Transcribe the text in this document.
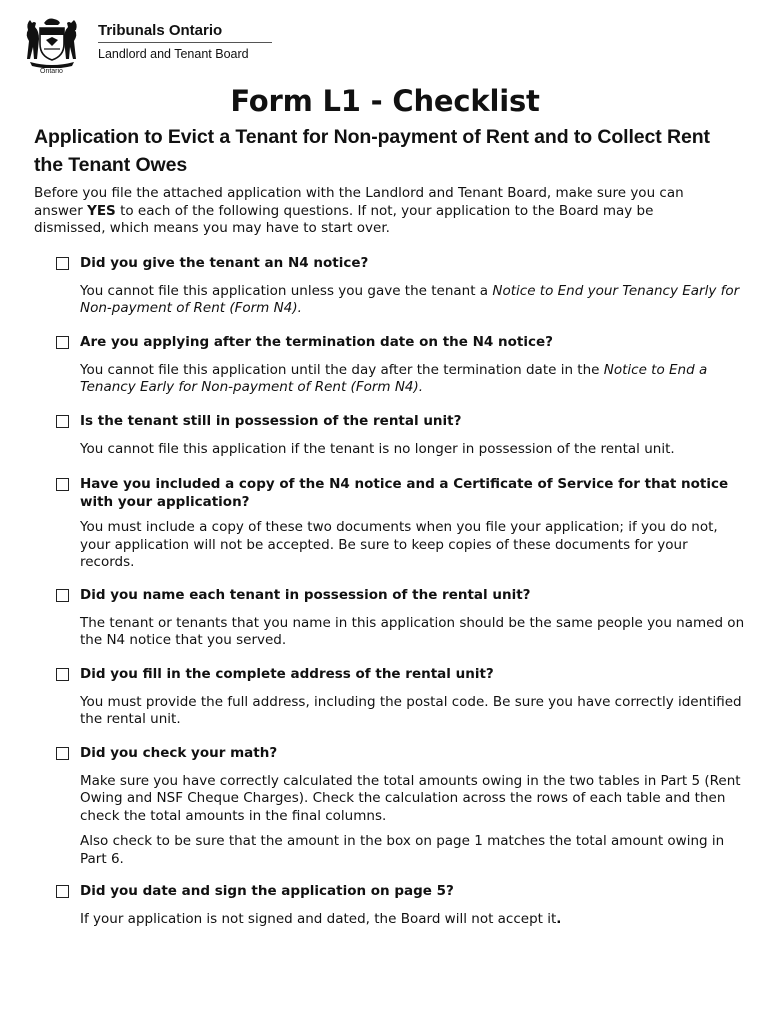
Ontario
Tribunals Ontario
Landlord and Tenant Board
Form L1 - Checklist
Application to Evict a Tenant for Non-payment of Rent and to Collect Rent the Tenant Owes
Before you file the attached application with the Landlord and Tenant Board, make sure you can answer YES to each of the following questions. If not, your application to the Board may be dismissed, which means you may have to start over.
Did you give the tenant an N4 notice?
You cannot file this application unless you gave the tenant a Notice to End your Tenancy Early for Non-payment of Rent (Form N4).
Are you applying after the termination date on the N4 notice?
You cannot file this application until the day after the termination date in the Notice to End a Tenancy Early for Non-payment of Rent (Form N4).
Is the tenant still in possession of the rental unit?
You cannot file this application if the tenant is no longer in possession of the rental unit.
Have you included a copy of the N4 notice and a Certificate of Service for that notice with your application?
You must include a copy of these two documents when you file your application; if you do not, your application will not be accepted. Be sure to keep copies of these documents for your records.
Did you name each tenant in possession of the rental unit?
The tenant or tenants that you name in this application should be the same people you named on the N4 notice that you served.
Did you fill in the complete address of the rental unit?
You must provide the full address, including the postal code. Be sure you have correctly identified the rental unit.
Did you check your math?
Make sure you have correctly calculated the total amounts owing in the two tables in Part 5 (Rent Owing and NSF Cheque Charges). Check the calculation across the rows of each table and then check the total amounts in the final columns.
Also check to be sure that the amount in the box on page 1 matches the total amount owing in Part 6.
Did you date and sign the application on page 5?
If your application is not signed and dated, the Board will not accept it.
